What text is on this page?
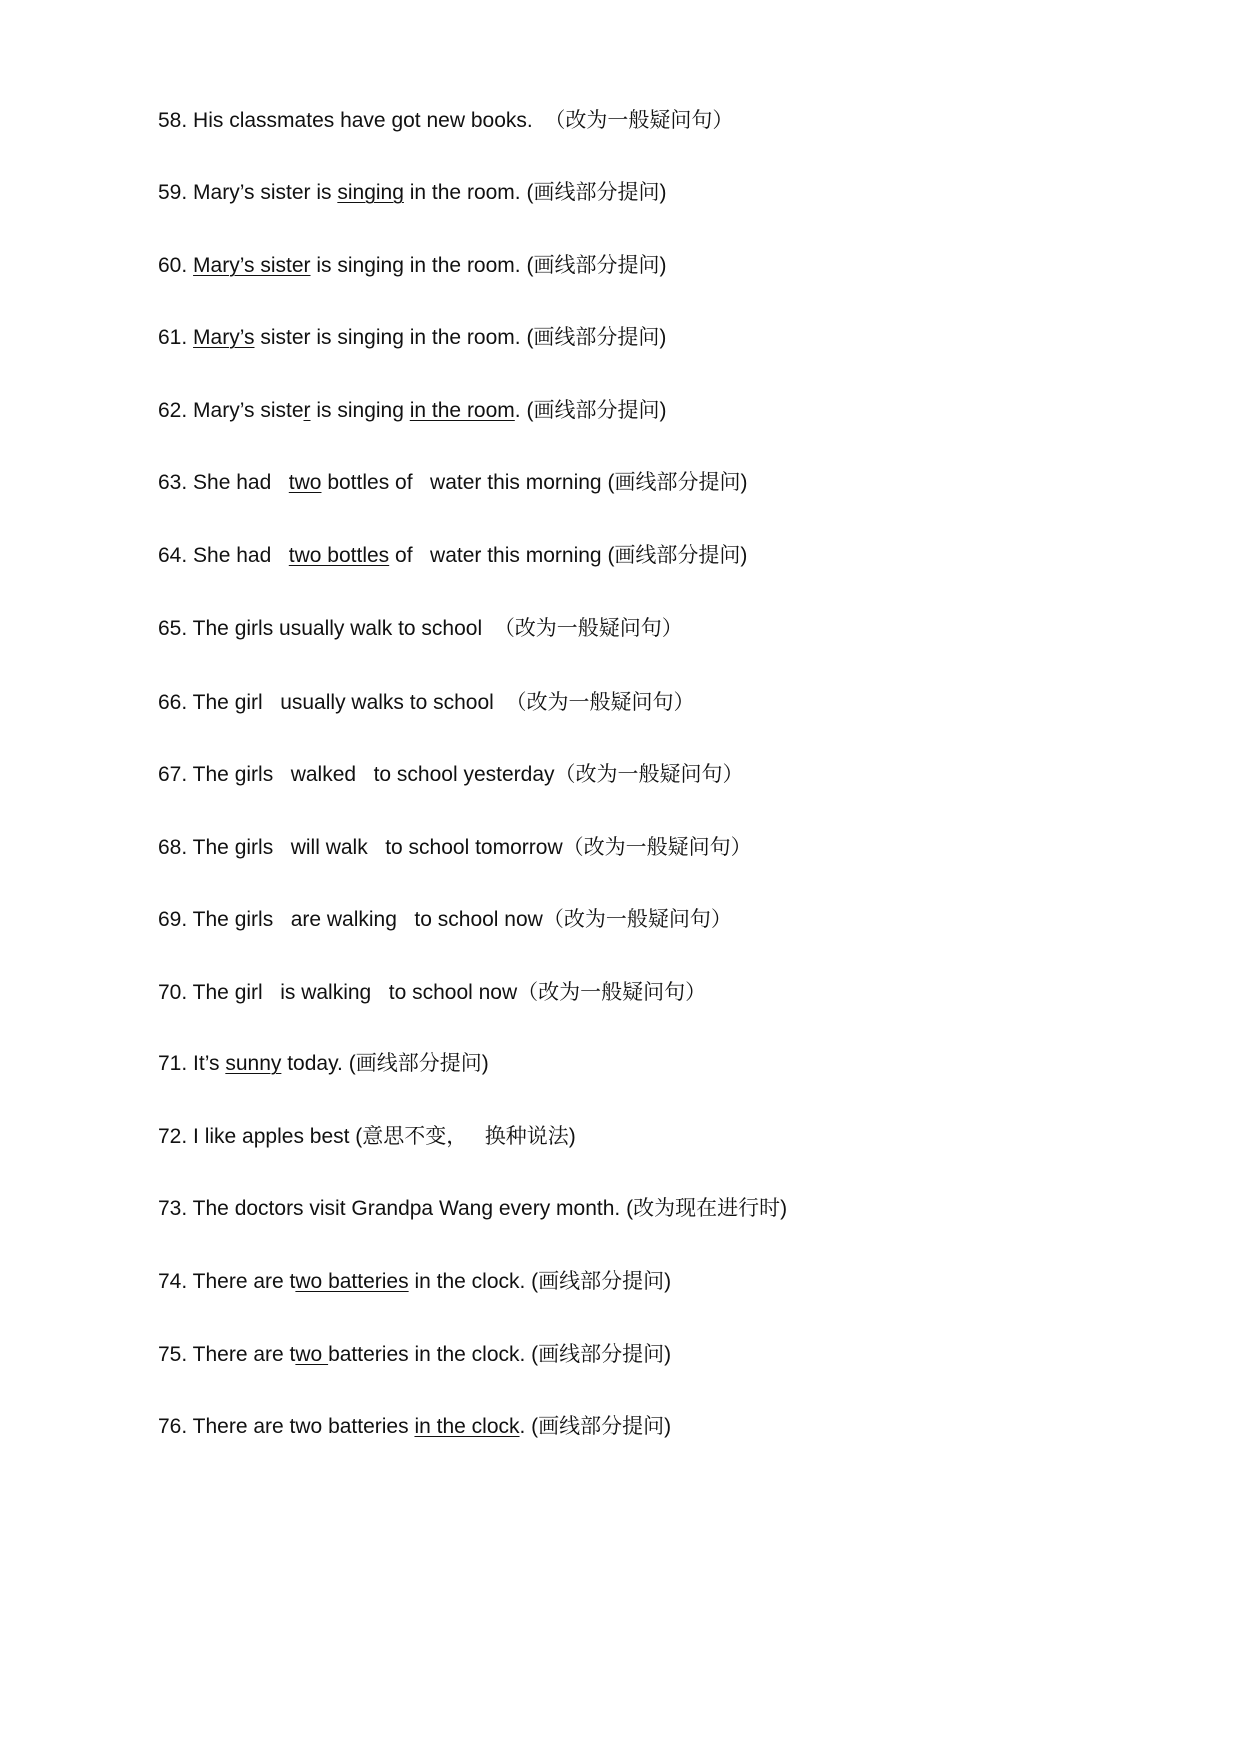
58. His classmates have got new books.  （改为一般疑问句）
59. Mary’s sister is singing in the room. (画线部分提问)
60. Mary’s sister is singing in the room. (画线部分提问)
61. Mary’s sister is singing in the room. (画线部分提问)
62. Mary’s sister is singing in the room. (画线部分提问)
63. She had   two bottles of   water this morning (画线部分提问)
64. She had   two bottles of   water this morning (画线部分提问)
65. The girls usually walk to school  （改为一般疑问句）
66. The girl   usually walks to school  （改为一般疑问句）
67. The girls   walked   to school yesterday（改为一般疑问句）
68. The girls   will walk   to school tomorrow（改为一般疑问句）
69. The girls   are walking   to school now（改为一般疑问句）
70. The girl   is walking   to school now（改为一般疑问句）
71. It’s sunny today. (画线部分提问)
72. I like apples best (意思不变，   换种说法)
73. The doctors visit Grandpa Wang every month. (改为现在进行时)
74. There are two batteries in the clock. (画线部分提问)
75. There are two batteries in the clock. (画线部分提问)
76. There are two batteries in the clock. (画线部分提问)
